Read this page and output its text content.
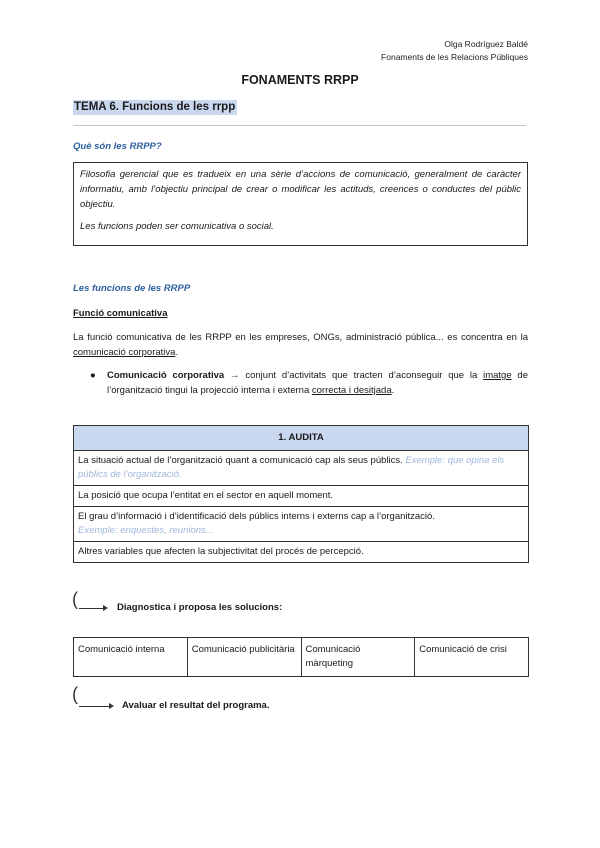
Olga Rodríguez Baldé
Fonaments de les Relacions Públiques
FONAMENTS RRPP
TEMA 6. Funcions de les rrpp
Què són les RRPP?

Filosofia gerencial que es tradueix en una sèrie d’accions de comunicació, generalment de caràcter informatiu, amb l’objectiu principal de crear o modificar les actituds, creences o conductes del públic objectiu.

Les funcions poden ser comunicativa o social.

Les funcions de les RRPP
Funció comunicativa
La funció comunicativa de les RRPP en les empreses, ONGs, administració pública... es concentra en la comunicació corporativa.
● Comunicació corporativa → conjunt d’activitats que tracten d’aconseguir que la imatge de l’organització tingui la projecció interna i externa correcta i desitjada.
1. AUDITA
La situació actual de l’organització quant a comunicació cap als seus públics. Exemple: que opina els públics de l’organització.
La posició que ocupa l’entitat en el sector en aquell moment.
El grau d’informació i d’identificació dels públics interns i externs cap a l’organització.
Exemple: enquestes, reunions...
Altres variables que afecten la subjectivitat del procés de percepció.
(	Diagnostica i proposa les solucions:
Comunicació interna	Comunicació publicitària	Comunicació màrqueting	Comunicació de crisi
(
Avaluar el resultat del programa.
